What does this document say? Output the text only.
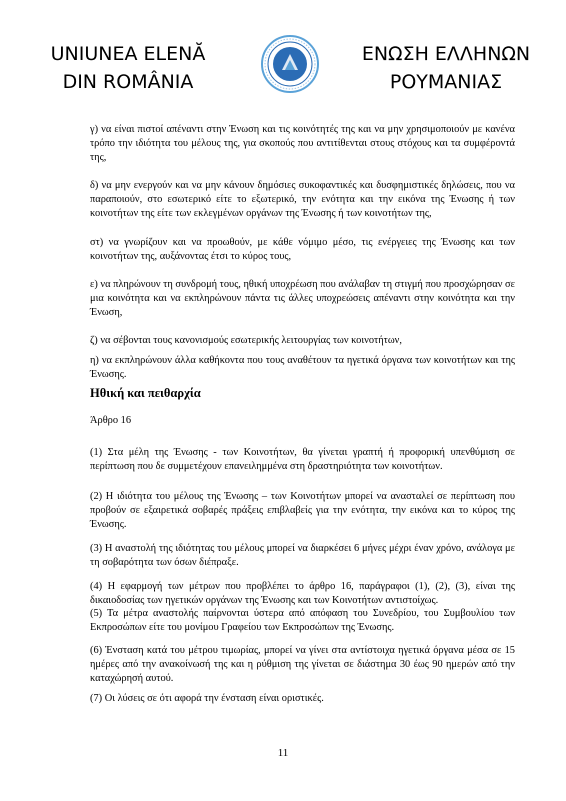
UNIUNEA ELENĂ
DIN ROMÂNIA
ΕΝΩΣΗ ΕΛΛΗΝΩΝ
ΡΟΥΜΑΝΙΑΣ
γ) να είναι πιστοί απέναντι στην Ένωση και τις κοινότητές της και να μην χρησιμοποιούν με κανένα τρόπο την ιδιότητα του μέλους της, για σκοπούς που αντιτίθενται στους στόχους και τα συμφέροντά της,
δ) να μην ενεργούν και να μην κάνουν δημόσιες συκοφαντικές και δυσφημιστικές δηλώσεις, που να παραποιούν, στο εσωτερικό είτε το εξωτερικό, την ενότητα και την εικόνα της Ένωσης ή των κοινοτήτων της είτε των εκλεγμένων οργάνων της Ένωσης ή των κοινοτήτων της,
στ) να γνωρίζουν και να προωθούν, με κάθε νόμιμο μέσο, τις ενέργειες της Ένωσης και των κοινοτήτων της, αυξάνοντας έτσι το κύρος τους,
ε) να πληρώνουν τη συνδρομή τους, ηθική υποχρέωση που ανάλαβαν τη στιγμή που προσχώρησαν σε μια κοινότητα και να εκπληρώνουν πάντα τις άλλες υποχρεώσεις απέναντι στην κοινότητα και την Ένωση,
ζ) να σέβονται τους κανονισμούς εσωτερικής λειτουργίας των κοινοτήτων,
η) να εκπληρώνουν άλλα καθήκοντα που τους αναθέτουν τα ηγετικά όργανα των κοινοτήτων και της Ένωσης.
Ηθική και πειθαρχία
Άρθρο 16
(1) Στα μέλη της Ένωσης - των Κοινοτήτων, θα γίνεται γραπτή ή προφορική υπενθύμιση σε περίπτωση που δε συμμετέχουν επανειλημμένα στη δραστηριότητα των κοινοτήτων.
(2) Η ιδιότητα του μέλους της Ένωσης – των Κοινοτήτων μπορεί να ανασταλεί σε περίπτωση που προβούν σε εξαιρετικά σοβαρές πράξεις επιβλαβείς για την ενότητα, την εικόνα και το κύρος της Ένωσης.
(3) Η αναστολή της ιδιότητας του μέλους μπορεί να διαρκέσει 6 μήνες μέχρι έναν χρόνο, ανάλογα με τη σοβαρότητα των όσων διέπραξε.
(4) Η εφαρμογή των μέτρων που προβλέπει το άρθρο 16, παράγραφοι (1), (2), (3), είναι της δικαιοδοσίας των ηγετικών οργάνων της Ένωσης και των Κοινοτήτων αντιστοίχως.
(5) Τα μέτρα αναστολής παίρνονται ύστερα από απόφαση του Συνεδρίου, του Συμβουλίου των Εκπροσώπων είτε του μονίμου Γραφείου των Εκπροσώπων της Ένωσης.
(6) Ένσταση κατά του μέτρου τιμωρίας, μπορεί να γίνει στα αντίστοιχα ηγετικά όργανα μέσα σε 15 ημέρες από την ανακοίνωσή της και η ρύθμιση της γίνεται σε διάστημα 30 έως 90 ημερών από την καταχώρησή αυτού.
(7) Οι λύσεις σε ότι αφορά την ένσταση είναι οριστικές.
11
